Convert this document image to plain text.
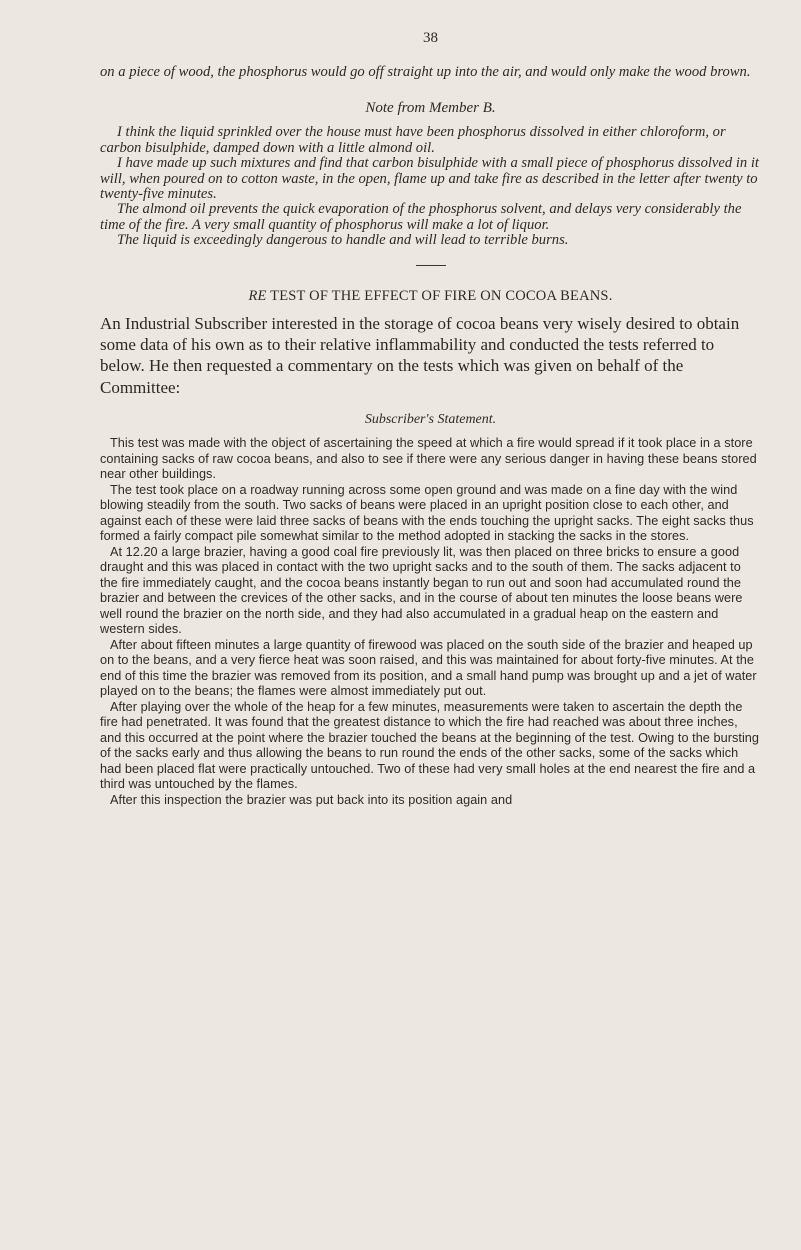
38

on a piece of wood, the phosphorus would go off straight up into the air, and would only make the wood brown.

Note from Member B.

I think the liquid sprinkled over the house must have been phosphorus dissolved in either chloroform, or carbon bisulphide, damped down with a little almond oil.

I have made up such mixtures and find that carbon bisulphide with a small piece of phosphorus dissolved in it will, when poured on to cotton waste, in the open, flame up and take fire as described in the letter after twenty to twenty-five minutes.

The almond oil prevents the quick evaporation of the phosphorus solvent, and delays very considerably the time of the fire. A very small quantity of phosphorus will make a lot of liquor.

The liquid is exceedingly dangerous to handle and will lead to terrible burns.

RE TEST OF THE EFFECT OF FIRE ON COCOA BEANS.

An Industrial Subscriber interested in the storage of cocoa beans very wisely desired to obtain some data of his own as to their relative inflammability and conducted the tests referred to below. He then requested a commentary on the tests which was given on behalf of the Committee:

Subscriber's Statement.

This test was made with the object of ascertaining the speed at which a fire would spread if it took place in a store containing sacks of raw cocoa beans, and also to see if there were any serious danger in having these beans stored near other buildings.

The test took place on a roadway running across some open ground and was made on a fine day with the wind blowing steadily from the south. Two sacks of beans were placed in an upright position close to each other, and against each of these were laid three sacks of beans with the ends touching the upright sacks. The eight sacks thus formed a fairly compact pile somewhat similar to the method adopted in stacking the sacks in the stores.

At 12.20 a large brazier, having a good coal fire previously lit, was then placed on three bricks to ensure a good draught and this was placed in contact with the two upright sacks and to the south of them. The sacks adjacent to the fire immediately caught, and the cocoa beans instantly began to run out and soon had accumulated round the brazier and between the crevices of the other sacks, and in the course of about ten minutes the loose beans were well round the brazier on the north side, and they had also accumulated in a gradual heap on the eastern and western sides.

After about fifteen minutes a large quantity of firewood was placed on the south side of the brazier and heaped up on to the beans, and a very fierce heat was soon raised, and this was maintained for about forty-five minutes. At the end of this time the brazier was removed from its position, and a small hand pump was brought up and a jet of water played on to the beans; the flames were almost immediately put out.

After playing over the whole of the heap for a few minutes, measurements were taken to ascertain the depth the fire had penetrated. It was found that the greatest distance to which the fire had reached was about three inches, and this occurred at the point where the brazier touched the beans at the beginning of the test. Owing to the bursting of the sacks early and thus allowing the beans to run round the ends of the other sacks, some of the sacks which had been placed flat were practically untouched. Two of these had very small holes at the end nearest the fire and a third was untouched by the flames.

After this inspection the brazier was put back into its position again and
